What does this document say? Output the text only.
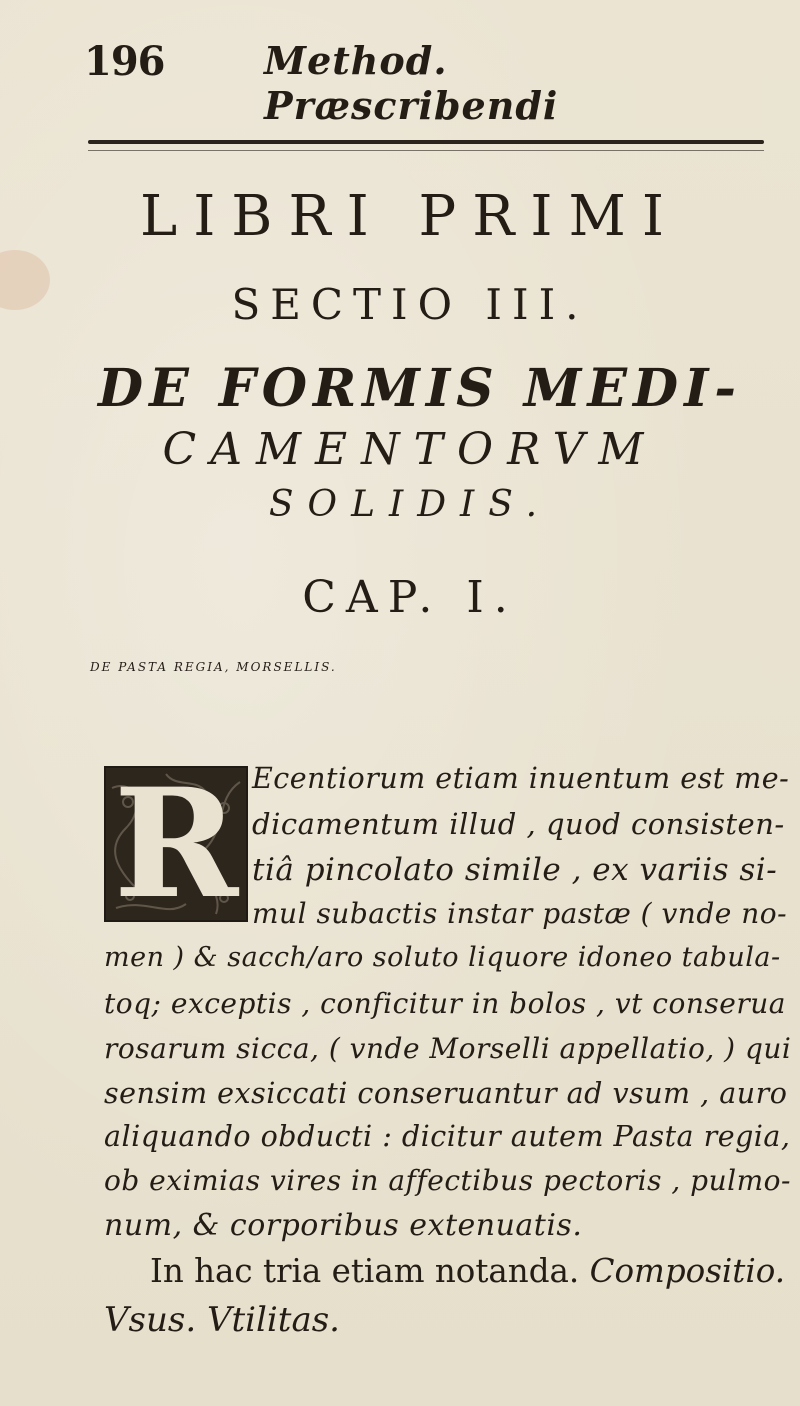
196	Method. Præscribendi
LIBRI PRIMI
SECTIO III.
DE FORMIS MEDI-
CAMENTORVM
SOLIDIS.
CAP. I.
DE PASTA REGIA, MORSELLIS.
R Ecentiorum etiam inuentum est me-
dicamentum illud , quod consisten-
tiâ pincolato simile , ex variis si-
mul subactis instar pastæ ( vnde no-
men ) & sacch/aro soluto liquore idoneo tabula-
toq; exceptis , conficitur in bolos , vt conserua
rosarum sicca, ( vnde Morselli appellatio, ) qui
sensim exsiccati conseruantur ad vsum , auro
aliquando obducti : dicitur autem Pasta regia,
ob eximias vires in affectibus pectoris , pulmo-
num, & corporibus extenuatis.
In hac tria etiam notanda. Compositio.
Vsus. Vtilitas.
